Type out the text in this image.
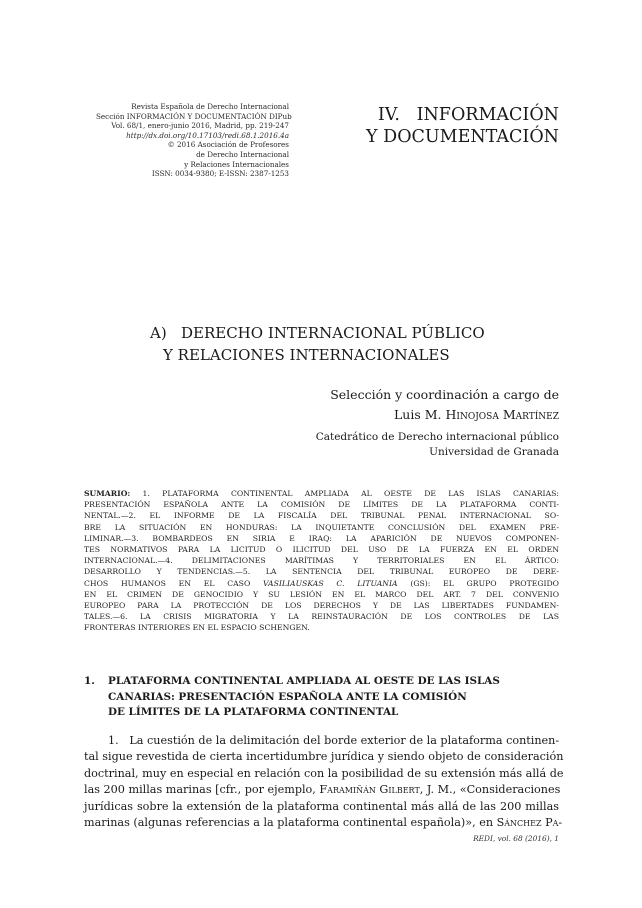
Revista Española de Derecho Internacional
Sección INFORMACIÓN Y DOCUMENTACIÓN DIPub
Vol. 68/1, enero-junio 2016, Madrid, pp. 219-247
http://dx.doi.org/10.17103/redi.68.1.2016.4a
© 2016 Asociación de Profesores
de Derecho Internacional
y Relaciones Internacionales
ISSN: 0034-9380; E-ISSN: 2387-1253
IV.   INFORMACIÓN
Y DOCUMENTACIÓN
A)   DERECHO INTERNACIONAL PÚBLICO
Y RELACIONES INTERNACIONALES
Selección y coordinación a cargo de
Luis M. Hinojosa Martínez
Catedrático de Derecho internacional público
Universidad de Granada
SUMARIO: 1. PLATAFORMA CONTINENTAL AMPLIADA AL OESTE DE LAS ISLAS CANARIAS:
PRESENTACIÓN ESPAÑOLA ANTE LA COMISIÓN DE LÍMITES DE LA PLATAFORMA CONTI-
NENTAL.—2. EL INFORME DE LA FISCALÍA DEL TRIBUNAL PENAL INTERNACIONAL SO-
BRE LA SITUACIÓN EN HONDURAS: LA INQUIETANTE CONCLUSIÓN DEL EXAMEN PRE-
LIMINAR.—3. BOMBARDEOS EN SIRIA E IRAQ: LA APARICIÓN DE NUEVOS COMPONEN-
TES NORMATIVOS PARA LA LICITUD O ILICITUD DEL USO DE LA FUERZA EN EL ORDEN
INTERNACIONAL.—4. DELIMITACIONES MARÍTIMAS Y TERRITORIALES EN EL ÁRTICO:
DESARROLLO Y TENDENCIAS.—5. LA SENTENCIA DEL TRIBUNAL EUROPEO DE DERE-
CHOS HUMANOS EN EL CASO VASILIAUSKAS C. LITUANIA (GS): EL GRUPO PROTEGIDO
EN EL CRIMEN DE GENOCIDIO Y SU LESIÓN EN EL MARCO DEL ART. 7 DEL CONVENIO
EUROPEO PARA LA PROTECCIÓN DE LOS DERECHOS Y DE LAS LIBERTADES FUNDAMEN-
TALES.—6. LA CRISIS MIGRATORIA Y LA REINSTAURACIÓN DE LOS CONTROLES DE LAS
FRONTERAS INTERIORES EN EL ESPACIO SCHENGEN.
1. PLATAFORMA CONTINENTAL AMPLIADA AL OESTE DE LAS ISLAS
CANARIAS: PRESENTACIÓN ESPAÑOLA ANTE LA COMISIÓN
DE LÍMITES DE LA PLATAFORMA CONTINENTAL
1.   La cuestión de la delimitación del borde exterior de la plataforma continen-
tal sigue revestida de cierta incertidumbre jurídica y siendo objeto de consideración
doctrinal, muy en especial en relación con la posibilidad de su extensión más allá de
las 200 millas marinas [cfr., por ejemplo, Faramiñán Gilbert, J. M., «Consideraciones
jurídicas sobre la extensión de la plataforma continental más allá de las 200 millas
marinas (algunas referencias a la plataforma continental española)», en Sánchez Pa-
REDI, vol. 68 (2016), 1
